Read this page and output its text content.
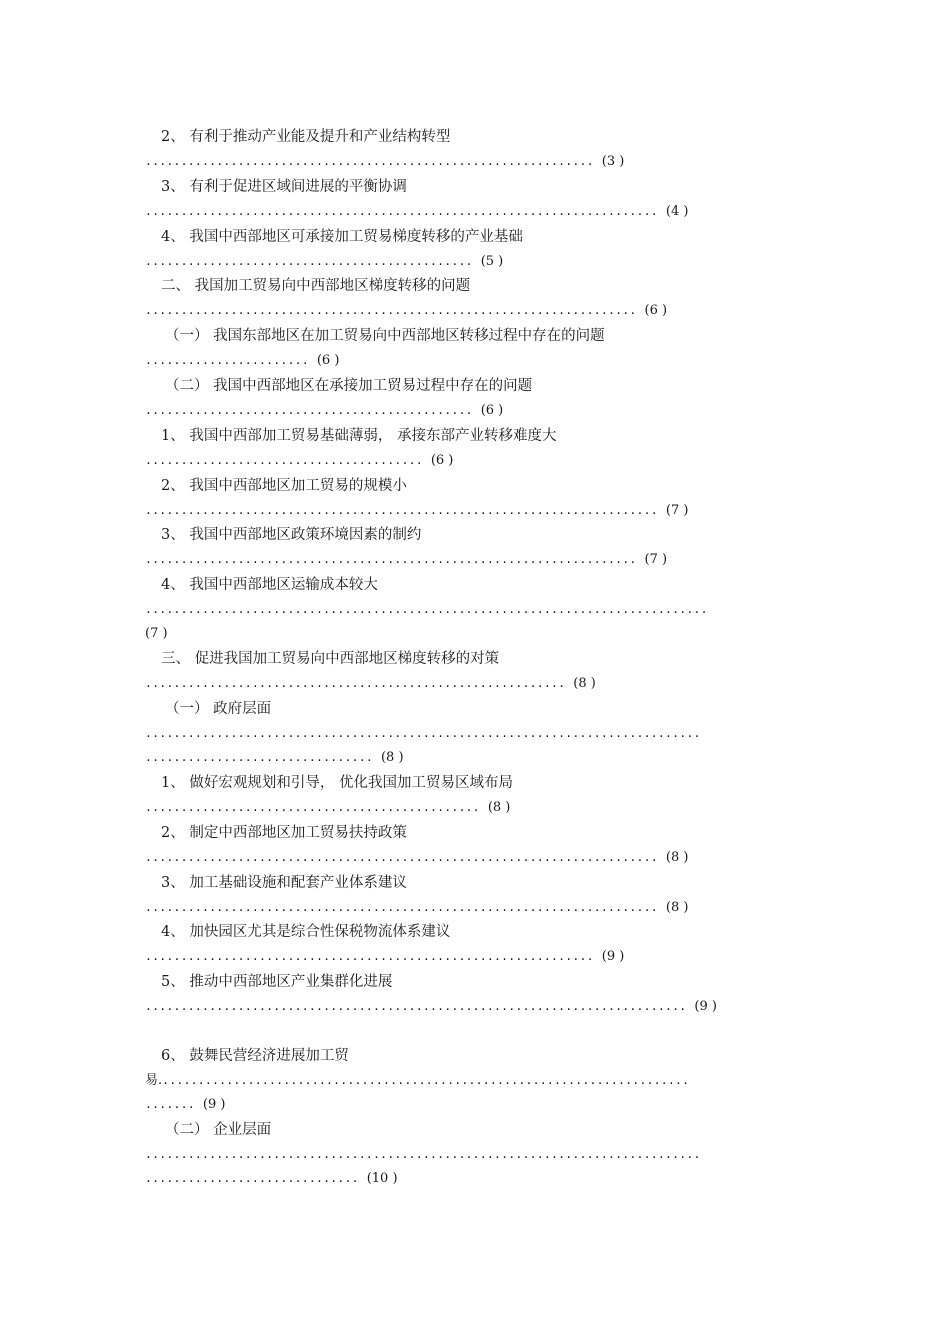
2、 有利于推动产业能及提升和产业结构转型
............................................................... (3 )
3、 有利于促进区域间进展的平衡协调
........................................................................ (4 )
4、 我国中西部地区可承接加工贸易梯度转移的产业基础
.............................................. (5 )
二、 我国加工贸易向中西部地区梯度转移的问题
..................................................................... (6 )
（一） 我国东部地区在加工贸易向中西部地区转移过程中存在的问题
....................... (6 )
（二） 我国中西部地区在承接加工贸易过程中存在的问题
.............................................. (6 )
1、 我国中西部加工贸易基础薄弱， 承接东部产业转移难度大
....................................... (6 )
2、 我国中西部地区加工贸易的规模小
........................................................................ (7 )
3、 我国中西部地区政策环境因素的制约
..................................................................... (7 )
4、 我国中西部地区运输成本较大
...............................................................................
(7 )
三、 促进我国加工贸易向中西部地区梯度转移的对策
........................................................... (8 )
（一） 政府层面
..............................................................................
................................ (8 )
1、 做好宏观规划和引导， 优化我国加工贸易区域布局
............................................... (8 )
2、 制定中西部地区加工贸易扶持政策
........................................................................ (8 )
3、 加工基础设施和配套产业体系建议
........................................................................ (8 )
4、 加快园区尤其是综合性保税物流体系建议
............................................................... (9 )
5、 推动中西部地区产业集群化进展
............................................................................ (9 )
6、 鼓舞民营经济进展加工贸
易...........................................................................
....... (9 )
（二） 企业层面
..............................................................................
.............................. (10 )
